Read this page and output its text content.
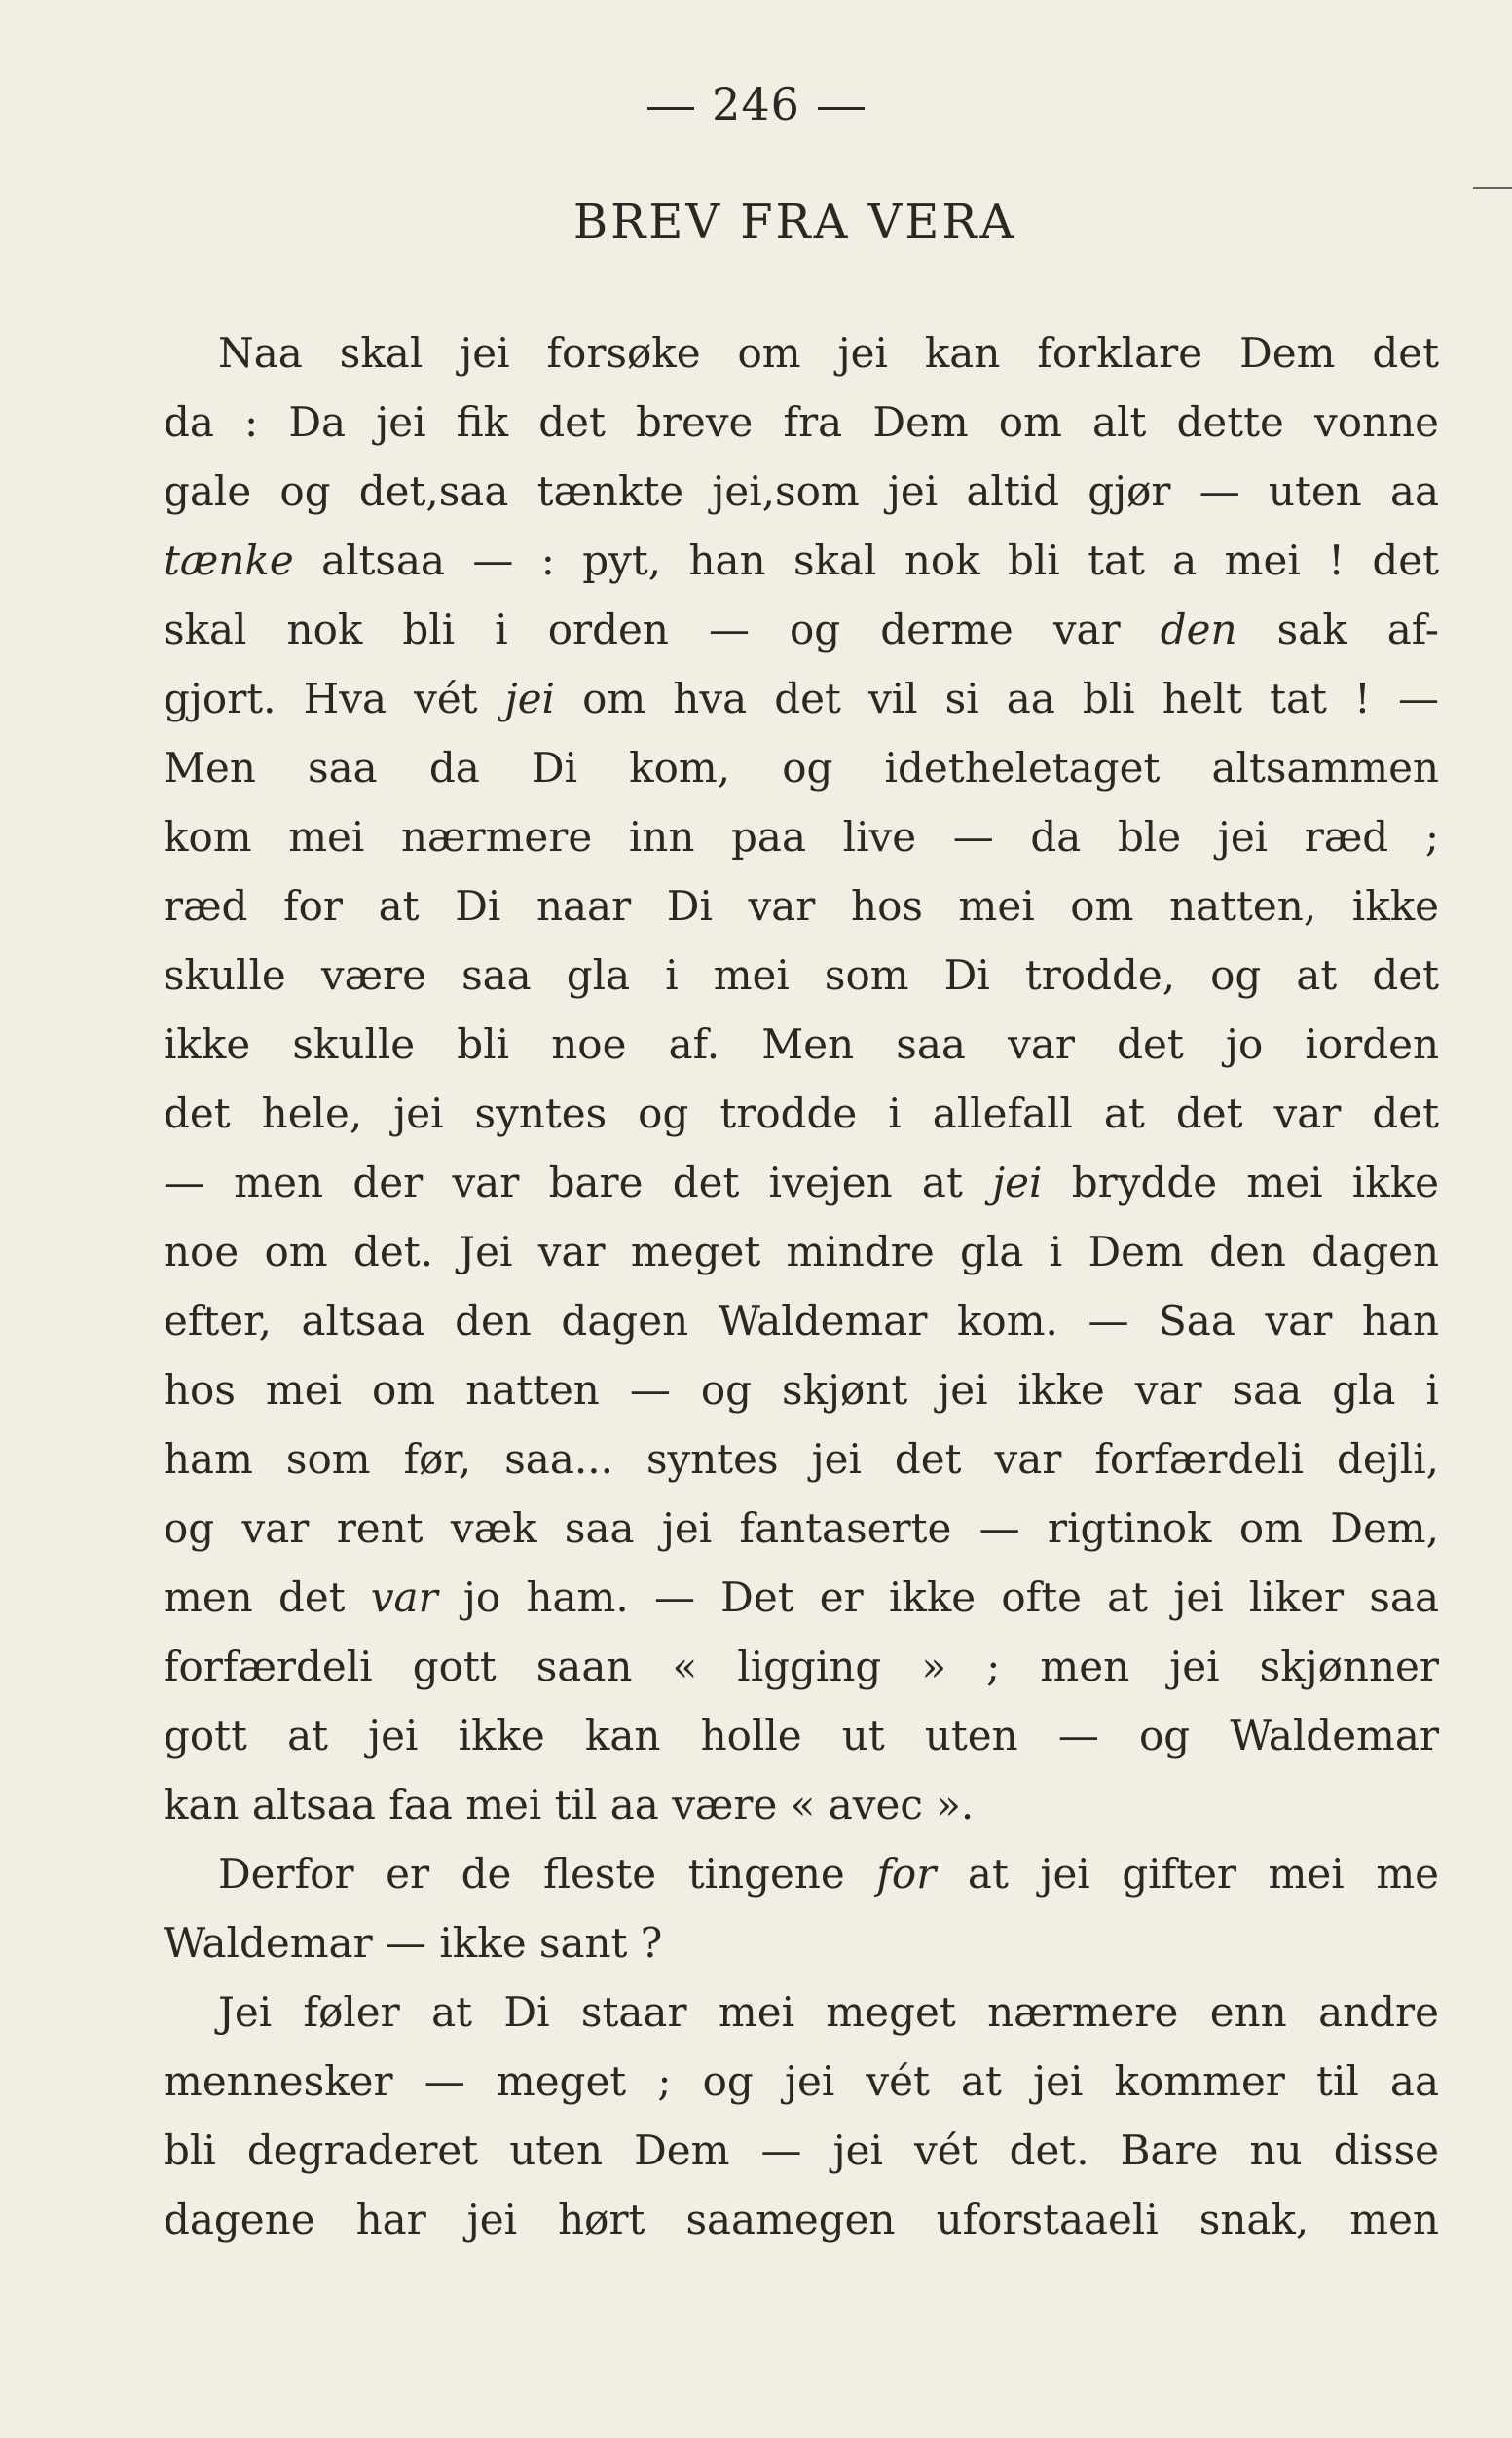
246
BREV FRA VERA
Naa skal jei forsøke om jei kan forklare Dem det
da : Da jei fik det breve fra Dem om alt dette vonne
gale og det,saa tænkte jei,som jei altid gjør — uten aa
tænke altsaa — : pyt, han skal nok bli tat a mei ! det
skal nok bli i orden — og derme var den sak af-
gjort. Hva vét jei om hva det vil si aa bli helt tat ! —
Men saa da Di kom, og idetheletaget altsammen
kom mei nærmere inn paa live — da ble jei ræd ;
ræd for at Di naar Di var hos mei om natten, ikke
skulle være saa gla i mei som Di trodde, og at det
ikke skulle bli noe af. Men saa var det jo iorden
det hele, jei syntes og trodde i allefall at det var det
— men der var bare det ivejen at jei brydde mei ikke
noe om det. Jei var meget mindre gla i Dem den dagen
efter, altsaa den dagen Waldemar kom. — Saa var han
hos mei om natten — og skjønt jei ikke var saa gla i
ham som før, saa... syntes jei det var forfærdeli dejli,
og var rent væk saa jei fantaserte — rigtinok om Dem,
men det var jo ham. — Det er ikke ofte at jei liker saa
forfærdeli gott saan « ligging » ; men jei skjønner
gott at jei ikke kan holle ut uten — og Waldemar
kan altsaa faa mei til aa være « avec ».
Derfor er de fleste tingene for at jei gifter mei me
Waldemar — ikke sant ?
Jei føler at Di staar mei meget nærmere enn andre
mennesker — meget ; og jei vét at jei kommer til aa
bli degraderet uten Dem — jei vét det. Bare nu disse
dagene har jei hørt saamegen uforstaaeli snak, men
